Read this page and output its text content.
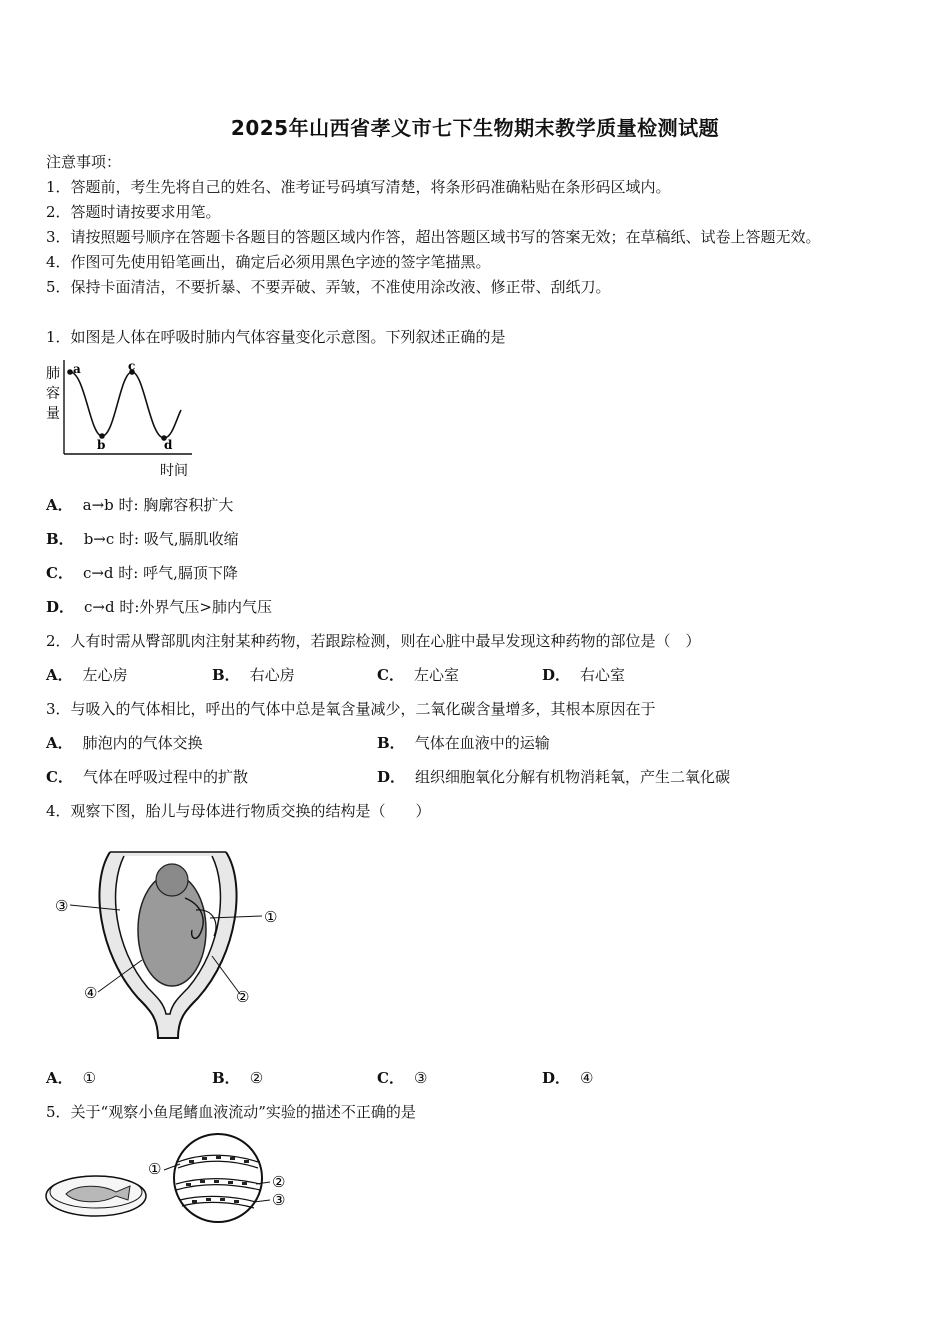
2025年山西省孝义市七下生物期末教学质量检测试题
注意事项：
1．答题前，考生先将自己的姓名、准考证号码填写清楚，将条形码准确粘贴在条形码区域内。
2．答题时请按要求用笔。
3．请按照题号顺序在答题卡各题目的答题区域内作答，超出答题区域书写的答案无效；在草稿纸、试卷上答题无效。
4．作图可先使用铅笔画出，确定后必须用黑色字迹的签字笔描黑。
5．保持卡面清洁，不要折暴、不要弄破、弄皱，不准使用涂改液、修正带、刮纸刀。
1．如图是人体在呼吸时肺内气体容量变化示意图。下列叙述正确的是
a
b
c
d
肺
容
量
时间
A． a→b 时: 胸廓容积扩大
B． b→c 时: 吸气,膈肌收缩
C． c→d 时: 呼气,膈顶下降
D． c→d 时:外界气压>肺内气压
2．人有时需从臀部肌肉注射某种药物，若跟踪检测，则在心脏中最早发现这种药物的部位是（　）
A． 左心房	B． 右心房	C． 左心室	D． 右心室
3．与吸入的气体相比，呼出的气体中总是氧含量减少，二氧化碳含量增多，其根本原因在于
A． 肺泡内的气体交换	B． 气体在血液中的运输
C． 气体在呼吸过程中的扩散	D． 组织细胞氧化分解有机物消耗氧，产生二氧化碳
4．观察下图，胎儿与母体进行物质交换的结构是（　　）
③
①
④	②
A． ①	B． ②	C． ③	D． ④
5．关于“观察小鱼尾鳍血液流动”实验的描述不正确的是
①
②
③
